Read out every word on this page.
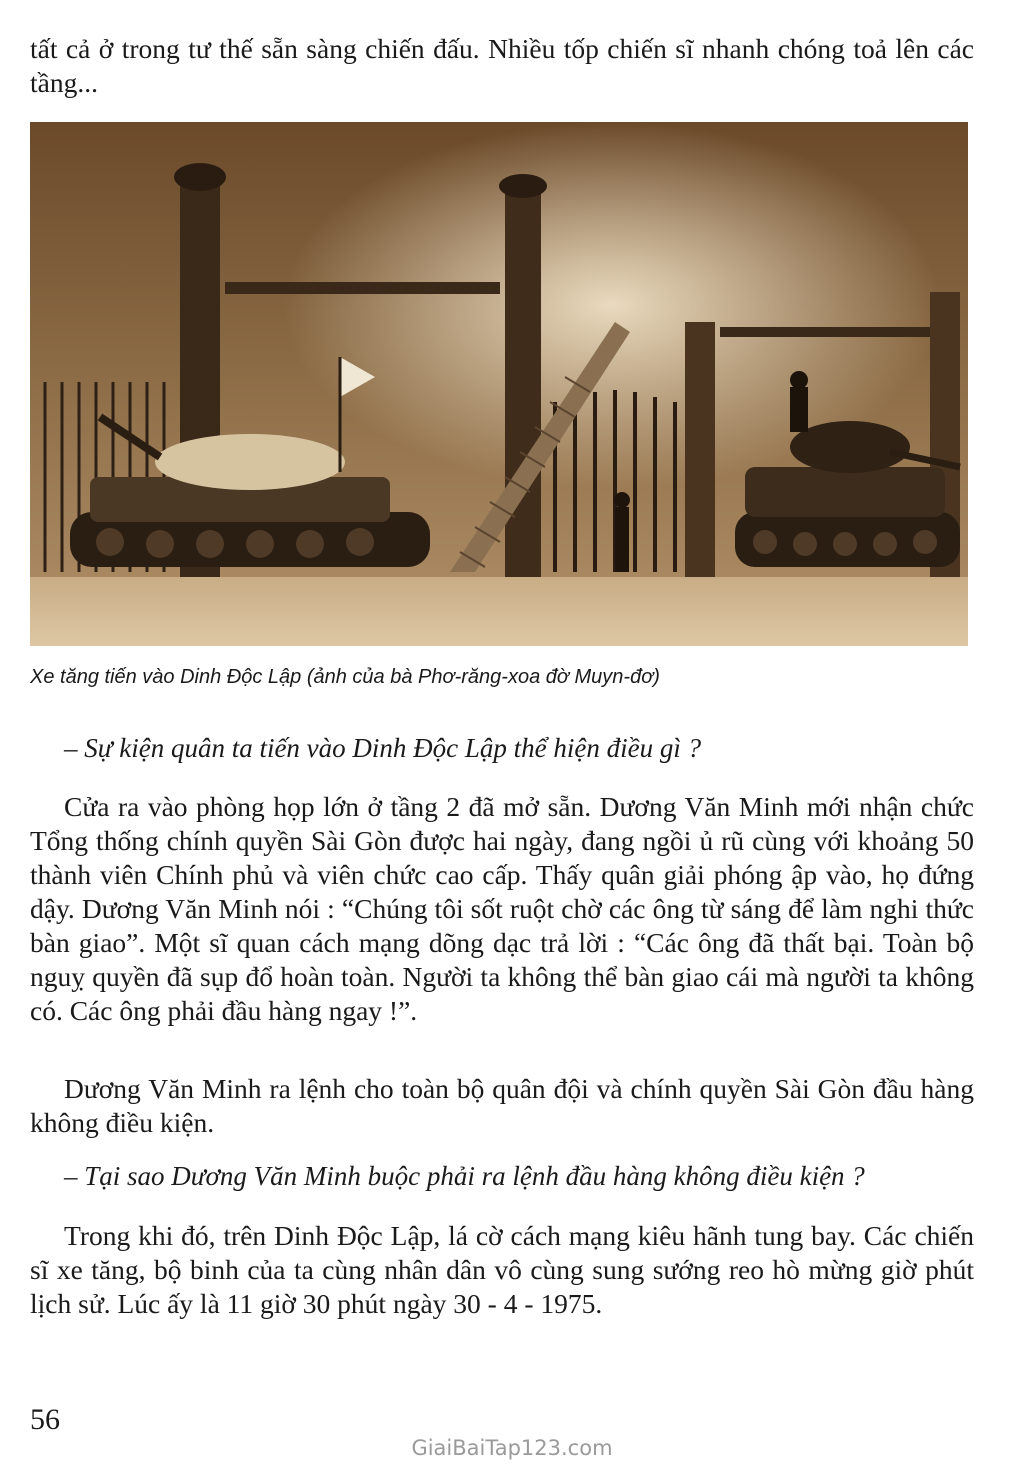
tất cả ở trong tư thế sẵn sàng chiến đấu. Nhiều tốp chiến sĩ nhanh chóng toả lên các tầng...

Xe tăng tiến vào Dinh Độc Lập (ảnh của bà Phơ-răng-xoa đờ Muyn-đơ)

– Sự kiện quân ta tiến vào Dinh Độc Lập thể hiện điều gì ?

Cửa ra vào phòng họp lớn ở tầng 2 đã mở sẵn. Dương Văn Minh mới nhận chức Tổng thống chính quyền Sài Gòn được hai ngày, đang ngồi ủ rũ cùng với khoảng 50 thành viên Chính phủ và viên chức cao cấp. Thấy quân giải phóng ập vào, họ đứng dậy. Dương Văn Minh nói : “Chúng tôi sốt ruột chờ các ông từ sáng để làm nghi thức bàn giao”. Một sĩ quan cách mạng dõng dạc trả lời : “Các ông đã thất bại. Toàn bộ nguỵ quyền đã sụp đổ hoàn toàn. Người ta không thể bàn giao cái mà người ta không có. Các ông phải đầu hàng ngay !”.

Dương Văn Minh ra lệnh cho toàn bộ quân đội và chính quyền Sài Gòn đầu hàng không điều kiện.

– Tại sao Dương Văn Minh buộc phải ra lệnh đầu hàng không điều kiện ?

Trong khi đó, trên Dinh Độc Lập, lá cờ cách mạng kiêu hãnh tung bay. Các chiến sĩ xe tăng, bộ binh của ta cùng nhân dân vô cùng sung sướng reo hò mừng giờ phút lịch sử. Lúc ấy là 11 giờ 30 phút ngày 30 - 4 - 1975.

56
GiaiBaiTap123.com
